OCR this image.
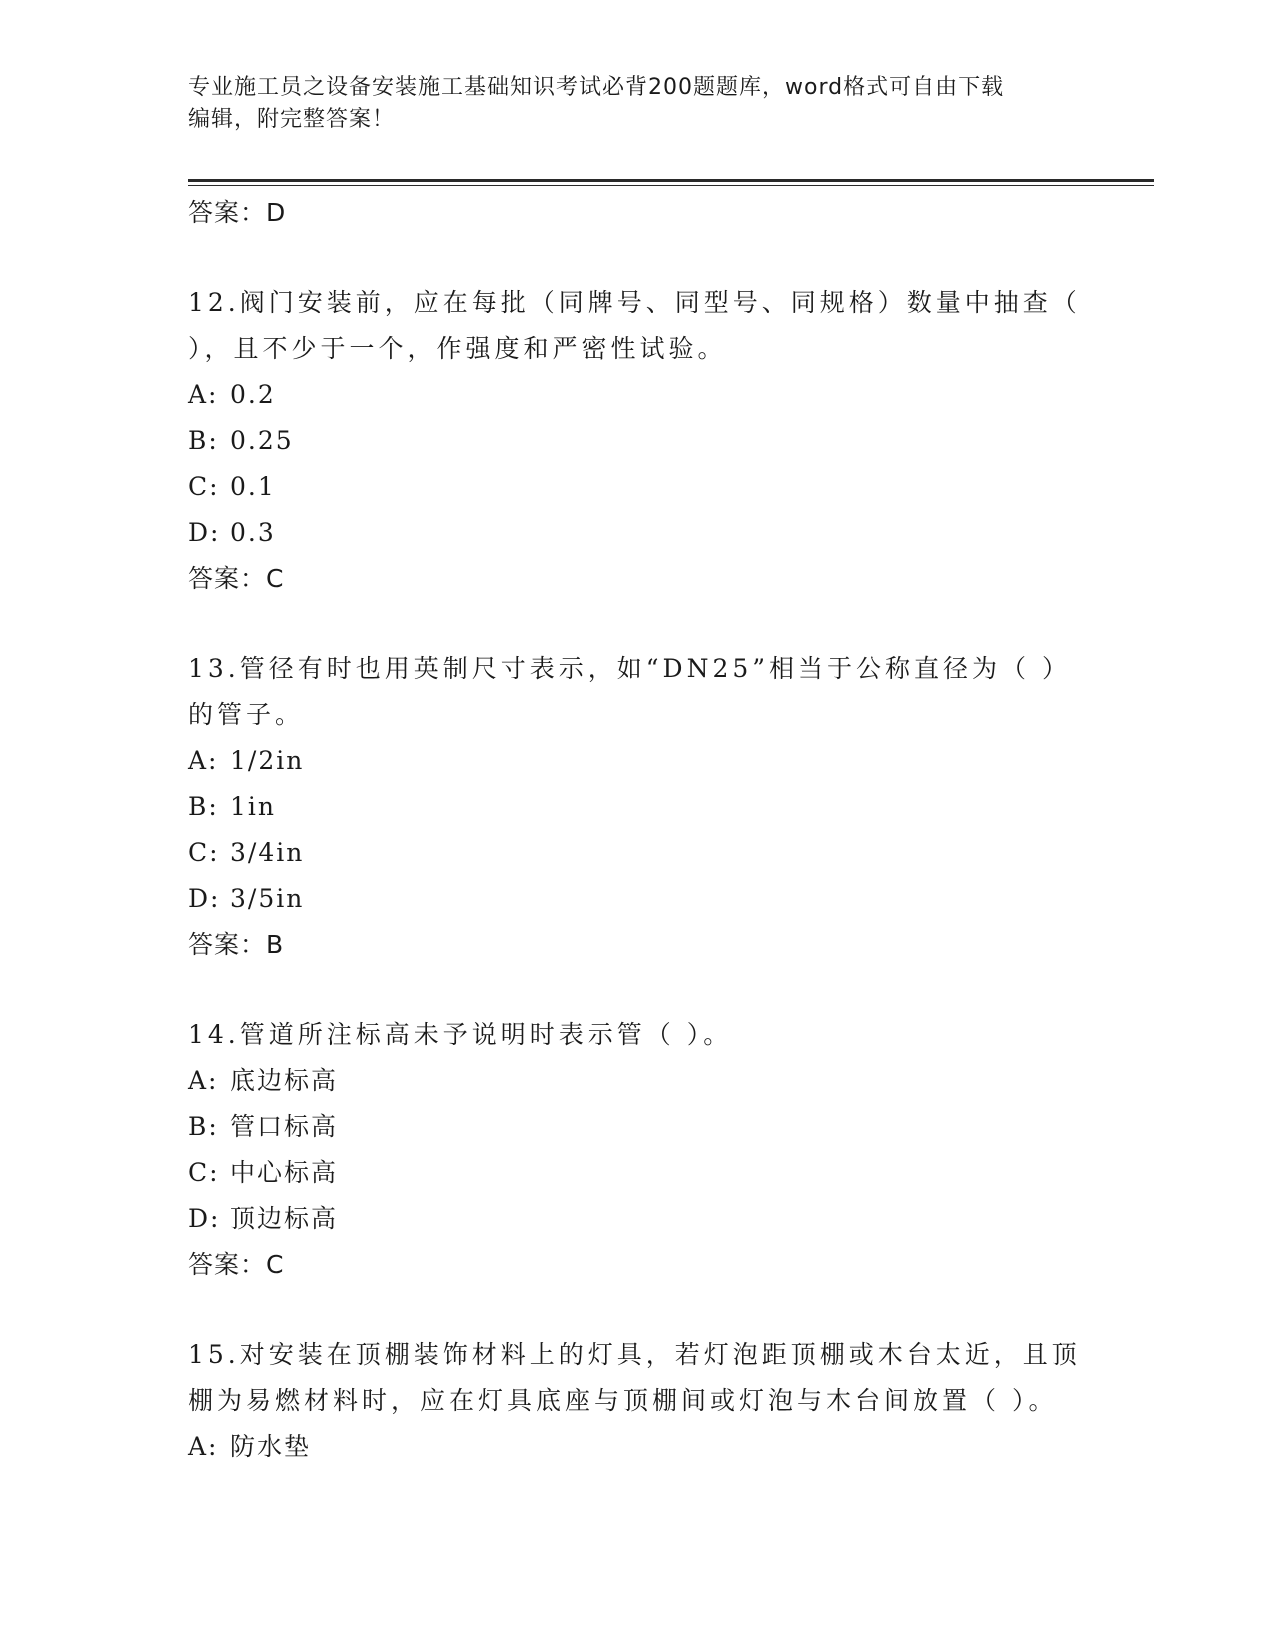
专业施工员之设备安装施工基础知识考试必背200题题库，word格式可自由下载
编辑，附完整答案！
答案：D
12.阀门安装前，应在每批（同牌号、同型号、同规格）数量中抽查（
），且不少于一个，作强度和严密性试验。
A: 0.2
B: 0.25
C: 0.1
D: 0.3
答案：C
13.管径有时也用英制尺寸表示，如“DN25”相当于公称直径为（ ）
的管子。
A: 1/2in
B: 1in
C: 3/4in
D: 3/5in
答案：B
14.管道所注标高未予说明时表示管（ ）。
A: 底边标高
B: 管口标高
C: 中心标高
D: 顶边标高
答案：C
15.对安装在顶棚装饰材料上的灯具，若灯泡距顶棚或木台太近，且顶
棚为易燃材料时，应在灯具底座与顶棚间或灯泡与木台间放置（ ）。
A: 防水垫
